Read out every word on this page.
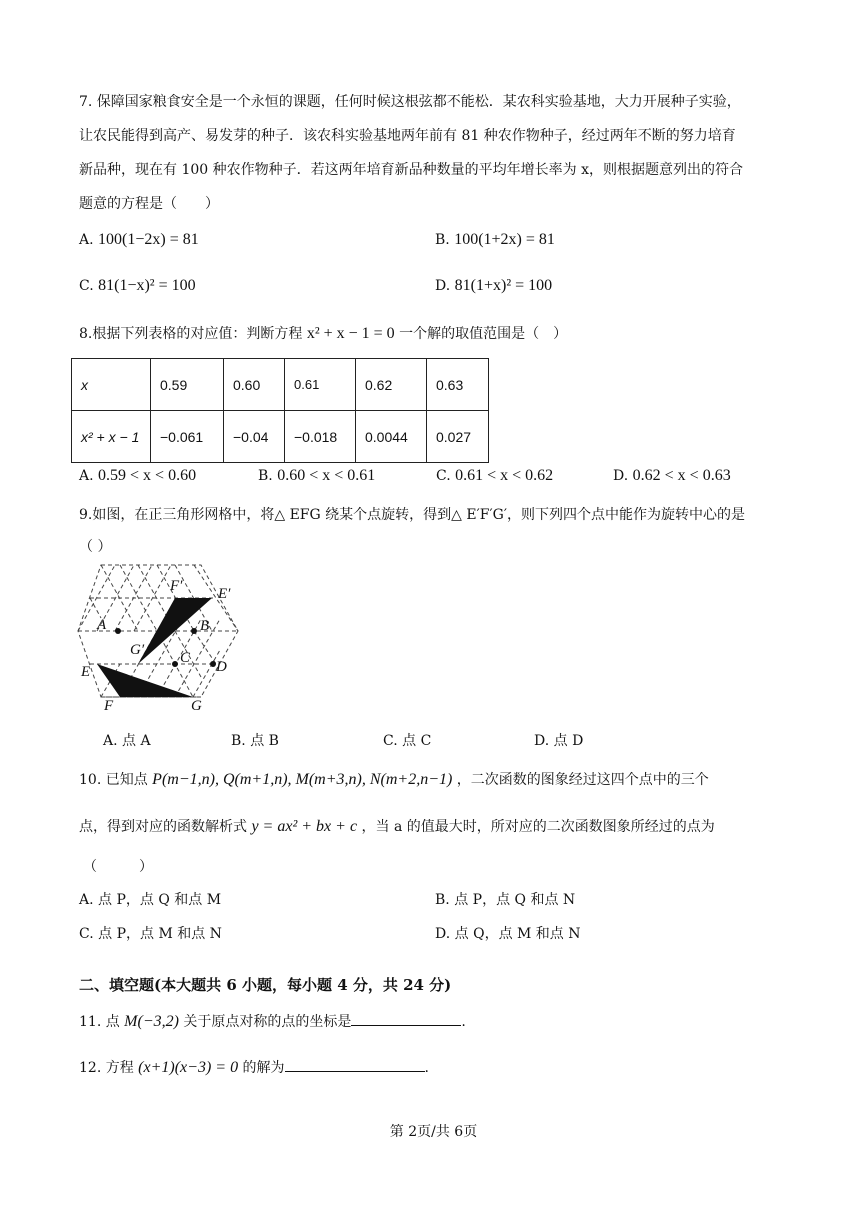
7. 保障国家粮食安全是一个永恒的课题，任何时候这根弦都不能松．某农科实验基地，大力开展种子实验，
让农民能得到高产、易发芽的种子．该农科实验基地两年前有 81 种农作物种子，经过两年不断的努力培育
新品种，现在有 100 种农作物种子．若这两年培育新品种数量的平均年增长率为 x，则根据题意列出的符合
题意的方程是（　　）
A. 100(1−2x) = 81	B. 100(1+2x) = 81
C. 81(1−x)² = 100	D. 81(1+x)² = 100
8.根据下列表格的对应值：判断方程 x² + x − 1 = 0 一个解的取值范围是（　）
x	0.59	0.60	0.61	0.62	0.63
x² + x − 1	−0.061	−0.04	−0.018	0.0044	0.027
A. 0.59 < x < 0.60	B. 0.60 < x < 0.61	C. 0.61 < x < 0.62	D. 0.62 < x < 0.63
9.如图，在正三角形网格中，将△ EFG 绕某个点旋转，得到△ E′F′G′，则下列四个点中能作为旋转中心的是
（ ）
F′ E′
A	B
G′ C
D
E
F	G
A. 点 A	B. 点 B	C. 点 C	D. 点 D
10. 已知点 P(m−1,n), Q(m+1,n), M(m+3,n), N(m+2,n−1) ，二次函数的图象经过这四个点中的三个
点，得到对应的函数解析式 y = ax² + bx + c ，当 a 的值最大时，所对应的二次函数图象所经过的点为
（　　　）
A. 点 P，点 Q 和点 M	B. 点 P，点 Q 和点 N
C. 点 P，点 M 和点 N	D. 点 Q，点 M 和点 N
二、填空题(本大题共 6 小题，每小题 4 分，共 24 分)
11. 点 M(−3,2) 关于原点对称的点的坐标是	.
12. 方程 (x+1)(x−3) = 0 的解为	.
第 2页/共 6页
